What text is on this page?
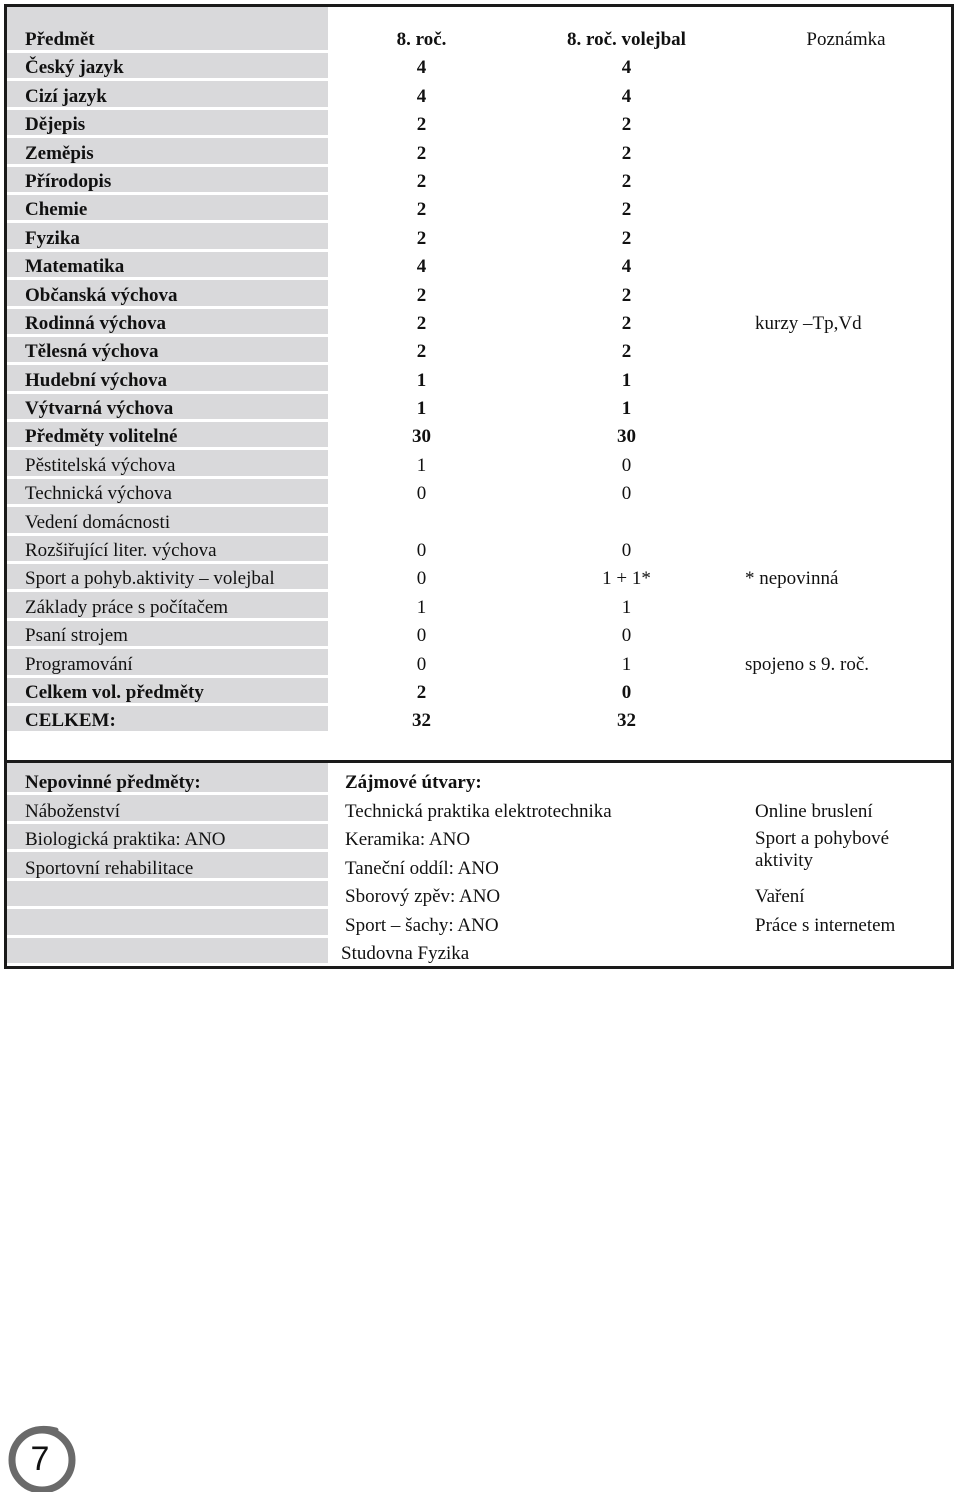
Předmět	8. roč.	8. roč. volejbal	Poznámka
Český jazyk	4	4	
Cizí jazyk	4	4	
Dějepis	2	2	
Zeměpis	2	2	
Přírodopis	2	2	
Chemie	2	2	
Fyzika	2	2	
Matematika	4	4	
Občanská výchova	2	2	
Rodinná výchova	2	2	kurzy –Tp,Vd
Tělesná výchova	2	2	
Hudební výchova	1	1	
Výtvarná výchova	1	1	
Předměty volitelné	30	30	
Pěstitelská výchova	1	0	
Technická výchova	0	0	
Vedení domácnosti			
Rozšiřující liter. výchova	0	0	
Sport a pohyb.aktivity – volejbal	0	1 + 1*	* nepovinná
Základy práce s počítačem	1	1	
Psaní strojem	0	0	
Programování	0	1	spojeno s 9. roč.
Celkem vol. předměty	2	0	
CELKEM:	32	32	
Nepovinné předměty:	Zájmové útvary:	
Náboženství	Technická praktika elektrotechnika	Online bruslení
Biologická praktika: ANO	Keramika: ANO	Sport a pohybové aktivity
Sportovní rehabilitace	Taneční oddíl: ANO	
	Sborový zpěv: ANO	Vaření
	Sport – šachy: ANO	Práce s internetem
	Studovna Fyzika	
7
